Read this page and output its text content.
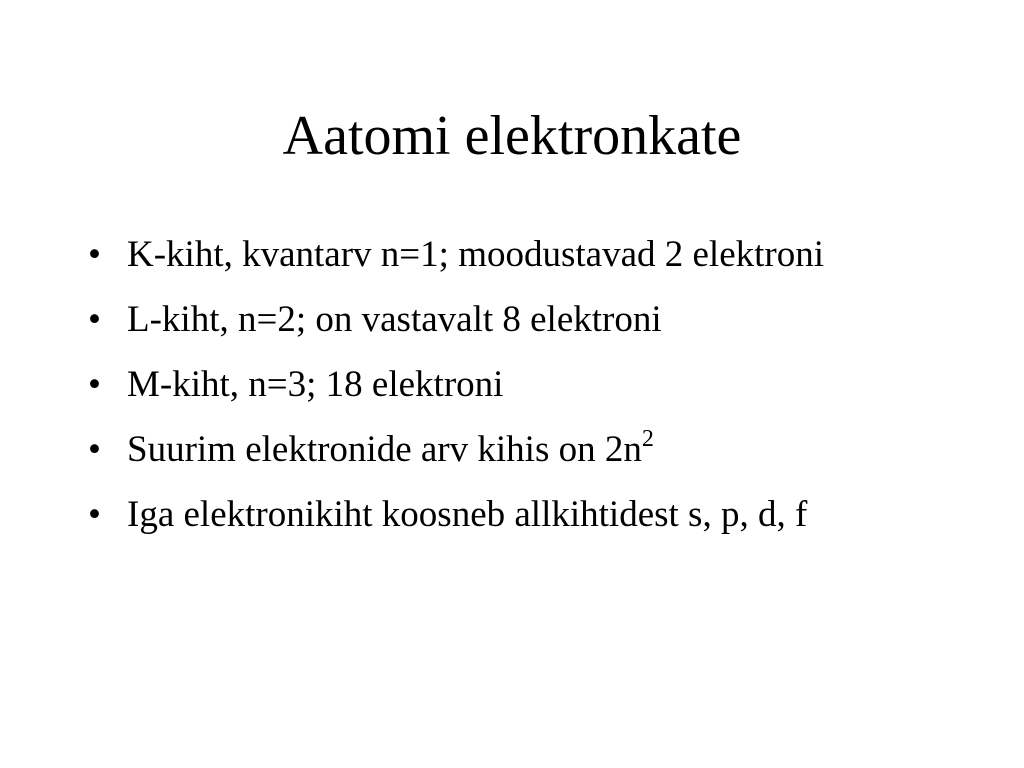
Aatomi elektronkate
• K-kiht, kvantarv n=1; moodustavad 2 elektroni
• L-kiht, n=2; on vastavalt 8 elektroni
• M-kiht, n=3; 18 elektroni
• Suurim elektronide arv kihis on $2n^2$
• Iga elektronikiht koosneb allkihtidest s, p, d, f
